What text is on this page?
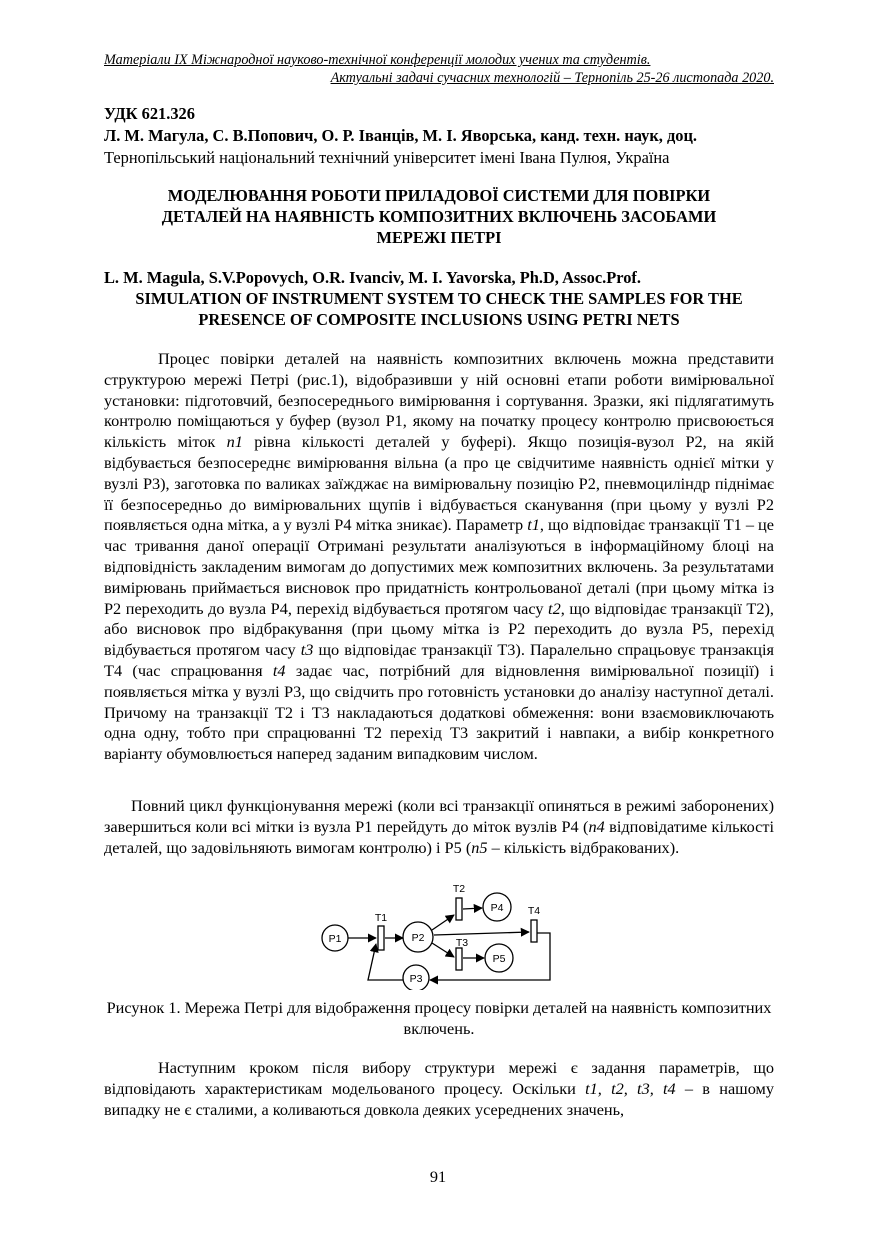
Матеріали IX Міжнародної науково-технічної конференції молодих учених та студентів.
Актуальні задачі сучасних технологій – Тернопіль 25-26 листопада 2020.
УДК 621.326
Л. М. Магула, С. В.Попович, О. Р. Іванців, М. І. Яворська, канд. техн. наук, доц.
Тернопільський національний технічний університет імені Івана Пулюя, Україна
МОДЕЛЮВАННЯ РОБОТИ ПРИЛАДОВОЇ СИСТЕМИ ДЛЯ ПОВІРКИ
ДЕТАЛЕЙ НА НАЯВНІСТЬ КОМПОЗИТНИХ ВКЛЮЧЕНЬ ЗАСОБАМИ
МЕРЕЖІ ПЕТРІ
L. M. Magula, S.V.Popovych, O.R. Ivanciv, M. I. Yavorska, Ph.D, Assoc.Prof.
SIMULATION OF INSTRUMENT SYSTEM TO CHECK THE SAMPLES FOR THE
PRESENCE OF COMPOSITE INCLUSIONS USING PETRI NETS

Процес повірки деталей на наявність композитних включень можна представити структурою мережі Петрі (рис.1), відобразивши у ній основні етапи роботи вимірювальної установки: підготовчий, безпосереднього вимірювання і сортування. Зразки, які підлягатимуть контролю поміщаються у буфер (вузол P1, якому на початку процесу контролю присвоюється кількість міток n1 рівна кількості деталей у буфері). Якщо позиція-вузол P2, на якій відбувається безпосереднє вимірювання вільна (а про це свідчитиме наявність однієї мітки у вузлі P3), заготовка по валиках заїжджає на вимірювальну позицію P2, пневмоциліндр піднімає її безпосередньо до вимірювальних щупів і відбувається сканування (при цьому у вузлі P2 появляється одна мітка, а у вузлі P4 мітка зникає). Параметр t1, що відповідає транзакції Т1 – це час тривання даної операції Отримані результати аналізуються в інформаційному блоці на відповідність закладеним вимогам до допустимих меж композитних включень. За результатами вимірювань приймається висновок про придатність контрольованої деталі (при цьому мітка із P2 переходить до вузла P4, перехід відбувається протягом часу t2, що відповідає транзакції T2), або висновок про відбракування (при цьому мітка із P2 переходить до вузла P5, перехід відбувається протягом часу t3 що відповідає транзакції T3). Паралельно спрацьовує транзакція T4 (час спрацювання t4 задає час, потрібний для відновлення вимірювальної позиції) і появляється мітка у вузлі P3, що свідчить про готовність установки до аналізу наступної деталі. Причому на транзакції T2 і T3 накладаються додаткові обмеження: вони взаємовиключають одна одну, тобто при спрацюванні T2 перехід T3 закритий і навпаки, а вибір конкретного варіанту обумовлюється наперед заданим випадковим числом.

Повний цикл функціонування мережі (коли всі транзакції опиняться в режимі заборонених) завершиться коли всі мітки із вузла P1 перейдуть до міток вузлів P4 (n4 відповідатиме кількості деталей, що задовільняють вимогам контролю) і P5 (n5 – кількість відбракованих).

P1	P2
P3
P4
P5
T1
T2
T3
T4

Рисунок 1. Мережа Петрі для відображення процесу повірки деталей на наявність композитних включень.

Наступним кроком після вибору структури мережі є задання параметрів, що відповідають характеристикам модельованого процесу. Оскільки t1, t2, t3, t4 – в нашому випадку не є сталими, а коливаються довкола деяких усереднених значень,

91
